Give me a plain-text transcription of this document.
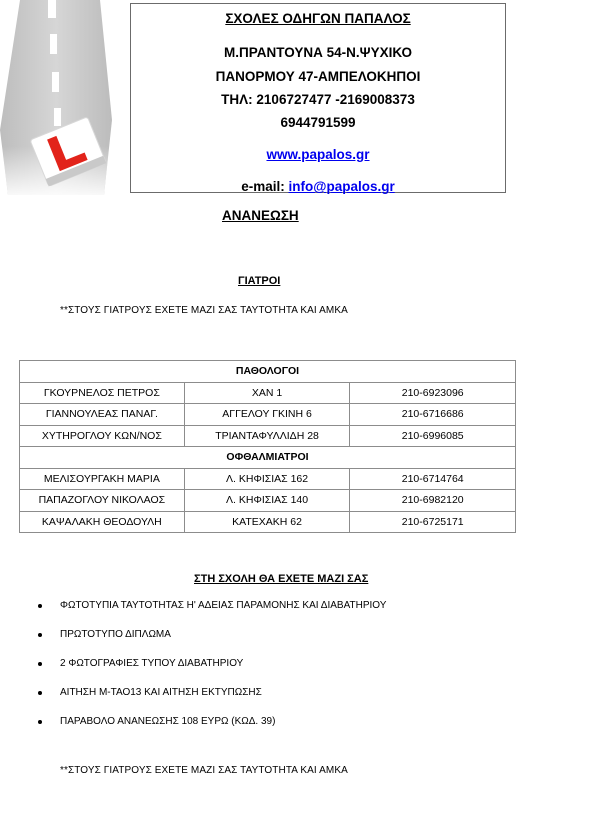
ΣΧΟΛΕΣ ΟΔΗΓΩΝ ΠΑΠΑΛΟΣ
Μ.ΠΡΑΝΤΟΥΝΑ 54-Ν.ΨΥΧΙΚΟ
ΠΑΝΟΡΜΟΥ 47-ΑΜΠΕΛΟΚΗΠΟΙ
ΤΗΛ: 2106727477 -2169008373
6944791599
www.papalos.gr
e-mail: info@papalos.gr
ΑΝΑΝΕΩΣΗ
ΓΙΑΤΡΟΙ
**ΣΤΟΥΣ ΓΙΑΤΡΟΥΣ ΕΧΕΤΕ ΜΑΖΙ ΣΑΣ ΤΑΥΤΟΤΗΤΑ ΚΑΙ ΑΜΚΑ
ΠΑΘΟΛΟΓΟΙ		
ΓΚΟΥΡΝΕΛΟΣ ΠΕΤΡΟΣ	ΧΑΝ 1	210-6923096
ΓΙΑΝΝΟΥΛΕΑΣ ΠΑΝΑΓ.	ΑΓΓΕΛΟΥ ΓΚΙΝΗ 6	210-6716686
ΧΥΤΗΡΟΓΛΟΥ ΚΩΝ/ΝΟΣ	ΤΡΙΑΝΤΑΦΥΛΛΙΔΗ 28	210-6996085
ΟΦΘΑΛΜΙΑΤΡΟΙ		
ΜΕΛΙΣΟΥΡΓΑΚΗ ΜΑΡΙΑ	Λ. ΚΗΦΙΣΙΑΣ 162	210-6714764
ΠΑΠΑΖΟΓΛΟΥ ΝΙΚΟΛΑΟΣ	Λ. ΚΗΦΙΣΙΑΣ 140	210-6982120
ΚΑΨΑΛΑΚΗ ΘΕΟΔΟΥΛΗ	ΚΑΤΕΧΑΚΗ 62	210-6725171
ΣΤΗ ΣΧΟΛΗ ΘΑ ΕΧΕΤΕ ΜΑΖΙ ΣΑΣ
ΦΩΤΟΤΥΠΙΑ ΤΑΥΤΟΤΗΤΑΣ Η' ΑΔΕΙΑΣ ΠΑΡΑΜΟΝΗΣ ΚΑΙ ΔΙΑΒΑΤΗΡΙΟΥ
ΠΡΩΤΟΤΥΠΟ ΔΙΠΛΩΜΑ
2 ΦΩΤΟΓΡΑΦΙΕΣ ΤΥΠΟΥ ΔΙΑΒΑΤΗΡΙΟΥ
ΑΙΤΗΣΗ Μ-ΤΑΟ13 ΚΑΙ ΑΙΤΗΣΗ ΕΚΤΥΠΩΣΗΣ
ΠΑΡΑΒΟΛΟ ΑΝΑΝΕΩΣΗΣ 108 ΕΥΡΩ (ΚΩΔ. 39)
**ΣΤΟΥΣ ΓΙΑΤΡΟΥΣ ΕΧΕΤΕ ΜΑΖΙ ΣΑΣ ΤΑΥΤΟΤΗΤΑ ΚΑΙ ΑΜΚΑ
